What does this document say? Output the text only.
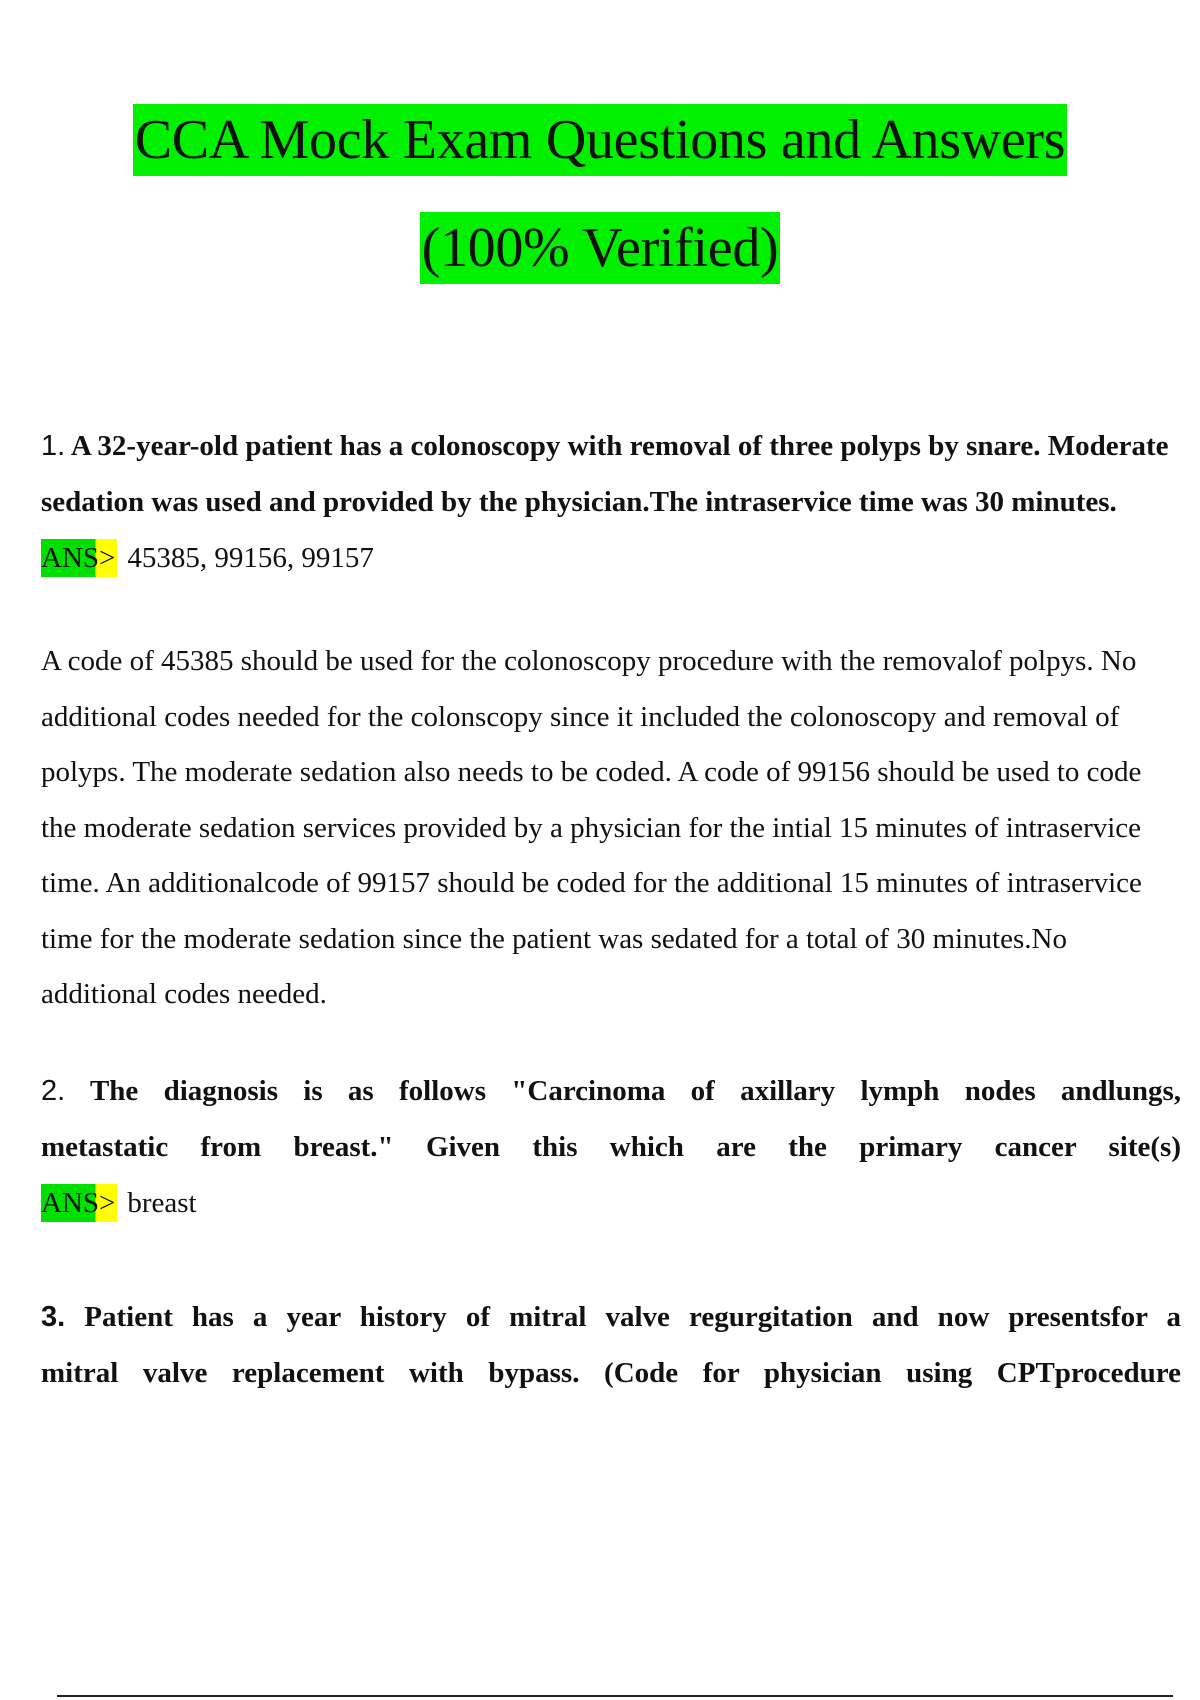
CCA Mock Exam Questions and Answers
(100% Verified)

1. A 32-year-old patient has a colonoscopy with removal of three polyps by snare. Moderate sedation was used and provided by the physician.The intraservice time was 30 minutes.

ANS> 45385, 99156, 99157

A code of 45385 should be used for the colonoscopy procedure with the removalof polpys. No additional codes needed for the colonscopy since it included the colonoscopy and removal of polyps. The moderate sedation also needs to be coded. A code of 99156 should be used to code the moderate sedation services provided by a physician for the intial 15 minutes of intraservice time. An additionalcode of 99157 should be coded for the additional 15 minutes of intraservice time for the moderate sedation since the patient was sedated for a total of 30 minutes.No additional codes needed.

2. The diagnosis is as follows "Carcinoma of axillary lymph nodes andlungs,
metastatic from breast." Given this which are the primary cancer site(s)

ANS> breast

3. Patient has a year history of mitral valve regurgitation and now presentsfor a
mitral valve replacement with bypass. (Code for physician using CPTprocedure
